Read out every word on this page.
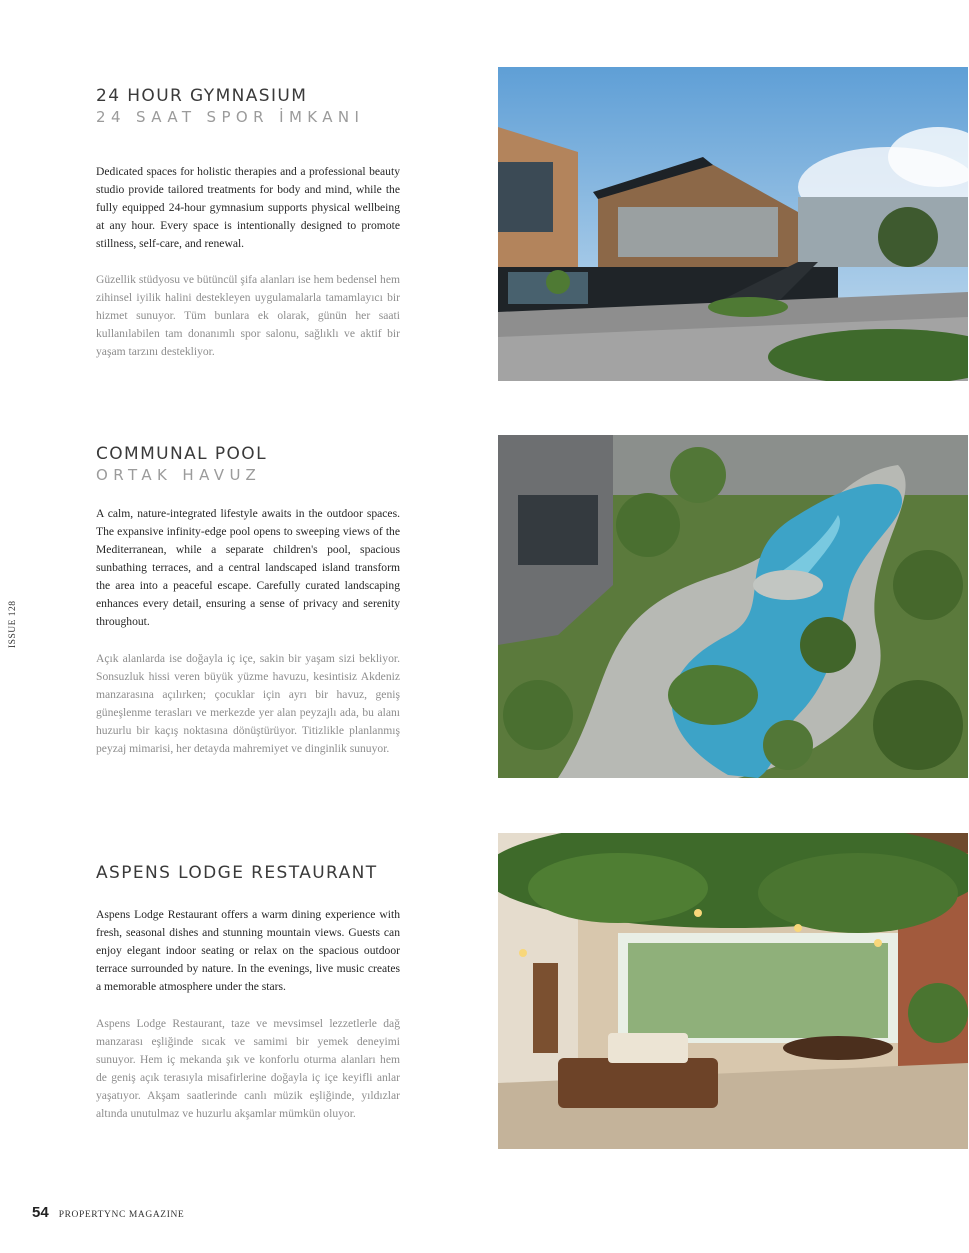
24 HOUR GYMNASIUM
24 SAAT SPOR İMKANI

Dedicated spaces for holistic therapies and a professional beauty studio provide tailored treatments for body and mind, while the fully equipped 24-hour gymnasium supports physical wellbeing at any hour. Every space is intentionally designed to promote stillness, self-care, and renewal.

Güzellik stüdyosu ve bütüncül şifa alanları ise hem bedensel hem zihinsel iyilik halini destekleyen uygulamalarla tamamlayıcı bir hizmet sunuyor. Tüm bunlara ek olarak, günün her saati kullanılabilen tam donanımlı spor salonu, sağlıklı ve aktif bir yaşam tarzını destekliyor.

COMMUNAL POOL
ORTAK HAVUZ

A calm, nature-integrated lifestyle awaits in the outdoor spaces. The expansive infinity-edge pool opens to sweeping views of the Mediterranean, while a separate children's pool, spacious sunbathing terraces, and a central landscaped island transform the area into a peaceful escape. Carefully curated landscaping enhances every detail, ensuring a sense of privacy and serenity throughout.

Açık alanlarda ise doğayla iç içe, sakin bir yaşam sizi bekliyor. Sonsuzluk hissi veren büyük yüzme havuzu, kesintisiz Akdeniz manzarasına açılırken; çocuklar için ayrı bir havuz, geniş güneşlenme terasları ve merkezde yer alan peyzajlı ada, bu alanı huzurlu bir kaçış noktasına dönüştürüyor. Titizlikle planlanmış peyzaj mimarisi, her detayda mahremiyet ve dinginlik sunuyor.

ASPENS LODGE RESTAURANT

Aspens Lodge Restaurant offers a warm dining experience with fresh, seasonal dishes and stunning mountain views. Guests can enjoy elegant indoor seating or relax on the spacious outdoor terrace surrounded by nature. In the evenings, live music creates a memorable atmosphere under the stars.

Aspens Lodge Restaurant, taze ve mevsimsel lezzetlerle dağ manzarası eşliğinde sıcak ve samimi bir yemek deneyimi sunuyor. Hem iç mekanda şık ve konforlu oturma alanları hem de geniş açık terasıyla misafirlerine doğayla iç içe keyifli anlar yaşatıyor. Akşam saatlerinde canlı müzik eşliğinde, yıldızlar altında unutulmaz ve huzurlu akşamlar mümkün oluyor.

ISSUE 128
54 PROPERTYNC MAGAZINE
